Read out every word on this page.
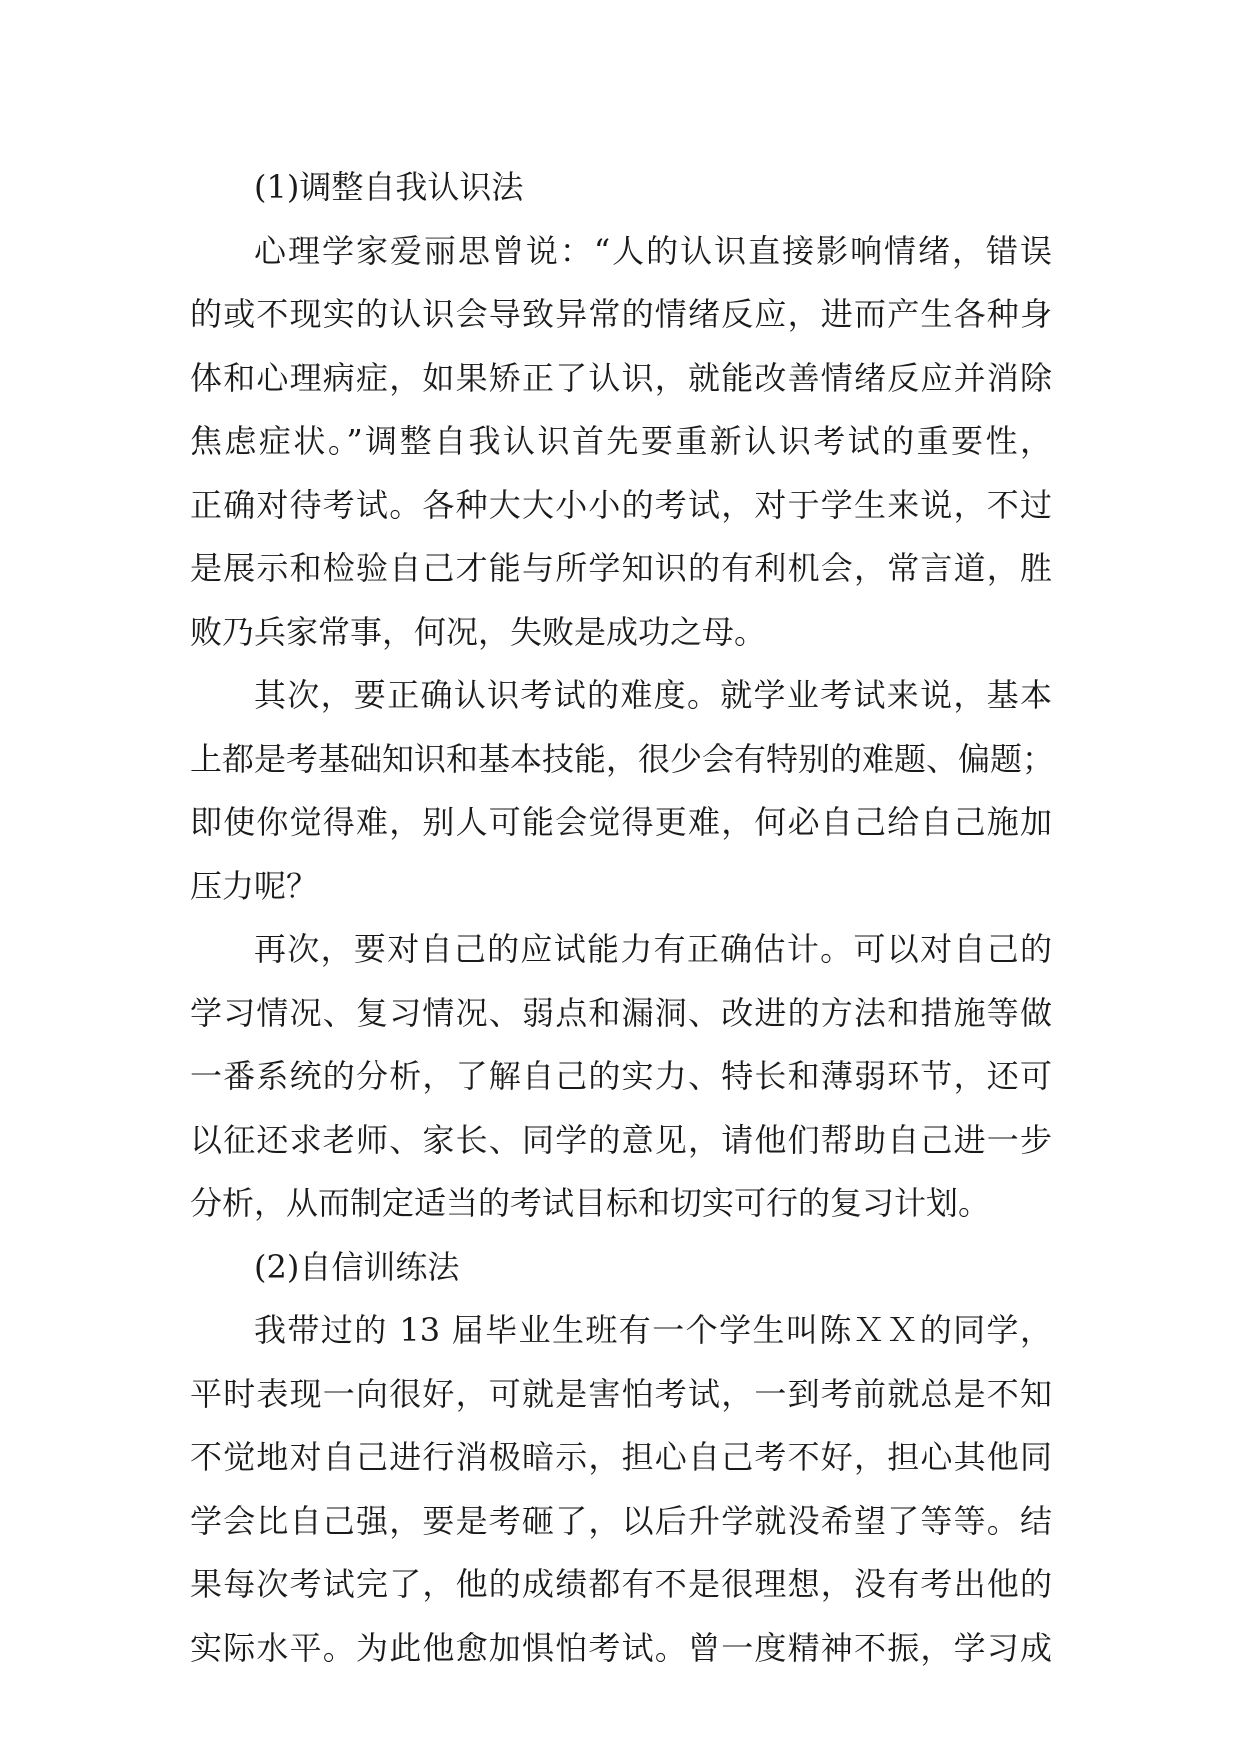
(1)调整自我认识法
心理学家爱丽思曾说：“人的认识直接影响情绪，错误
的或不现实的认识会导致异常的情绪反应，进而产生各种身
体和心理病症，如果矫正了认识，就能改善情绪反应并消除
焦虑症状。”调整自我认识首先要重新认识考试的重要性，
正确对待考试。各种大大小小的考试，对于学生来说，不过
是展示和检验自己才能与所学知识的有利机会，常言道，胜
败乃兵家常事，何况，失败是成功之母。
其次，要正确认识考试的难度。就学业考试来说，基本
上都是考基础知识和基本技能，很少会有特别的难题、偏题；
即使你觉得难，别人可能会觉得更难，何必自己给自己施加
压力呢？
再次，要对自己的应试能力有正确估计。可以对自己的
学习情况、复习情况、弱点和漏洞、改进的方法和措施等做
一番系统的分析，了解自己的实力、特长和薄弱环节，还可
以征还求老师、家长、同学的意见，请他们帮助自己进一步
分析，从而制定适当的考试目标和切实可行的复习计划。
(2)自信训练法
我带过的 13 届毕业生班有一个学生叫陈ＸＸ的同学，
平时表现一向很好，可就是害怕考试，一到考前就总是不知
不觉地对自己进行消极暗示，担心自己考不好，担心其他同
学会比自己强，要是考砸了，以后升学就没希望了等等。结
果每次考试完了，他的成绩都有不是很理想，没有考出他的
实际水平。为此他愈加惧怕考试。曾一度精神不振，学习成
